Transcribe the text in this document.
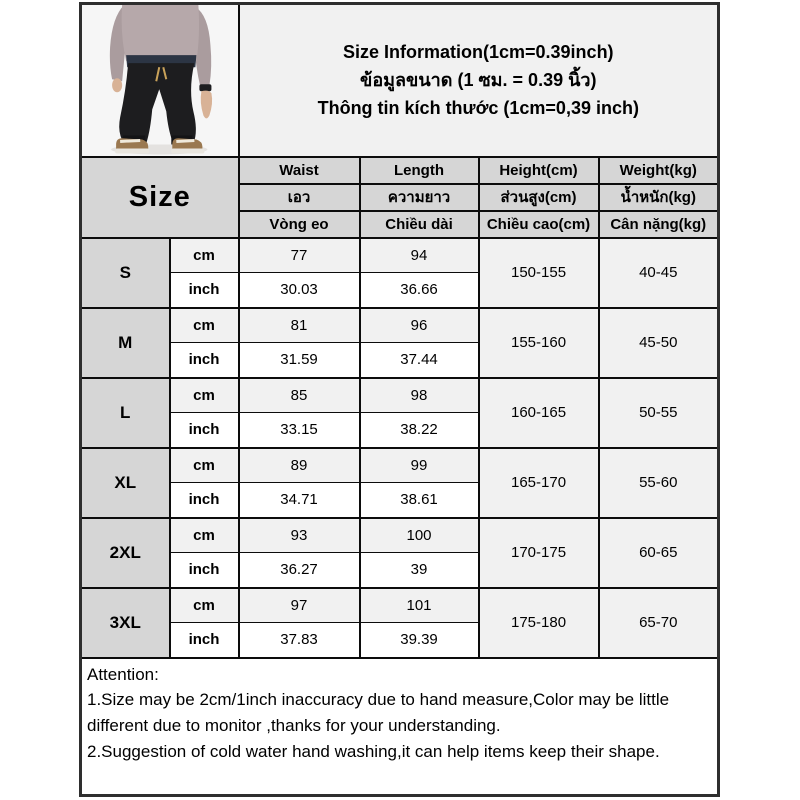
Size Information(1cm=0.39inch)
ข้อมูลขนาด (1 ซม. = 0.39 นิ้ว)
Thông tin kích thước (1cm=0,39 inch)			

Size		Waist	Length	Height(cm)	Weight(kg)
		เอว	ความยาว	ส่วนสูง(cm)	น้ำหนัก(kg)
		Vòng eo	Chiều dài	Chiều cao(cm)	Cân nặng(kg)
S	cm	77	94	150-155	40-45
	inch	30.03	36.66		
M	cm	81	96	155-160	45-50
	inch	31.59	37.44		
L	cm	85	98	160-165	50-55
	inch	33.15	38.22		
XL	cm	89	99	165-170	55-60
	inch	34.71	38.61		
2XL	cm	93	100	170-175	60-65
	inch	36.27	39		
3XL	cm	97	101	175-180	65-70
	inch	37.83	39.39		

Attention:
1.Size may be 2cm/1inch inaccuracy due to hand measure,Color may be little different due to monitor ,thanks for your understanding.
2.Suggestion of cold water hand washing,it can help items keep their shape.					
